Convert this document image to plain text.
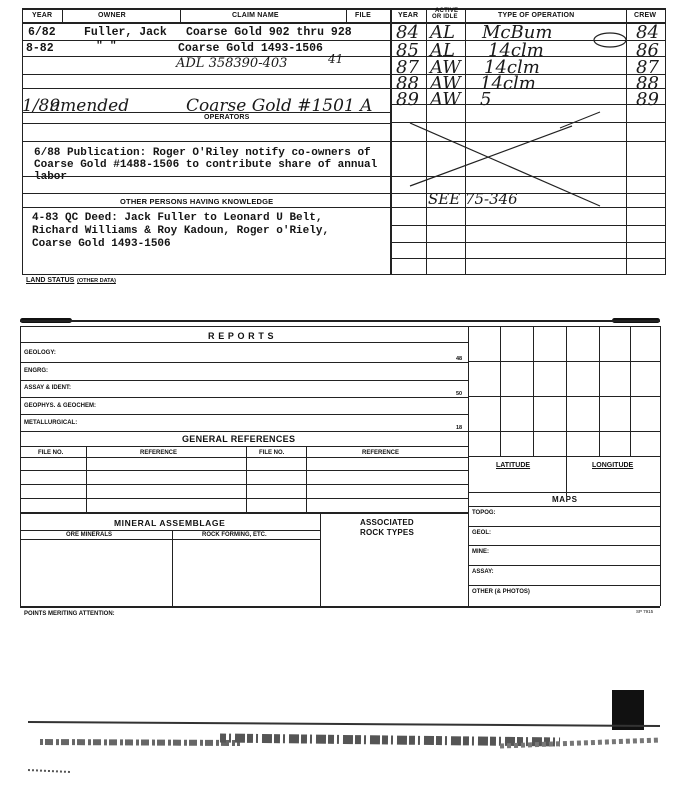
YEAR	OWNER	CLAIM NAME	FILE
6/82 Fuller, Jack Coarse Gold 902 thru 928
8-82	" "	Coarse Gold 1493-1506
ADL 358390-403	41
1/89
amended	Coarse Gold #1501 A
OPERATORS
6/88 Publication: Roger O'Riley notify co-owners of
Coarse Gold #1488-1506 to contribute share of annual
labor
OTHER PERSONS HAVING KNOWLEDGE
4-83 QC Deed: Jack Fuller to Leonard U Belt,
Richard Williams & Roy Kadoun, Roger o'Riely,
Coarse Gold 1493-1506
YEAR
ACTIVE
OR IDLE	TYPE OF OPERATION	CREW
84 AL McBum	84
85 AL 14clm	86
87 AW 14clm	87
88 AW 14clm	88
89 AW 5	89
SEE 75-346
LAND STATUS (OTHER DATA)
R E P O R T S
GEOLOGY:
48
ENGRG:
ASSAY & IDENT:
50
GEOPHYS. & GEOCHEM:
METALLURGICAL:
18
GENERAL REFERENCES
FILE NO.	REFERENCE	FILE NO.	REFERENCE
LATITUDE	LONGITUDE
MAPS
TOPOG:
GEOL:
MINE:
ASSAY:
OTHER (& PHOTOS)
MINERAL ASSEMBLAGE	ASSOCIATED
ROCK TYPES
ORE MINERALS	ROCK FORMING, ETC.
POINTS MERITING ATTENTION:	SP 7915
